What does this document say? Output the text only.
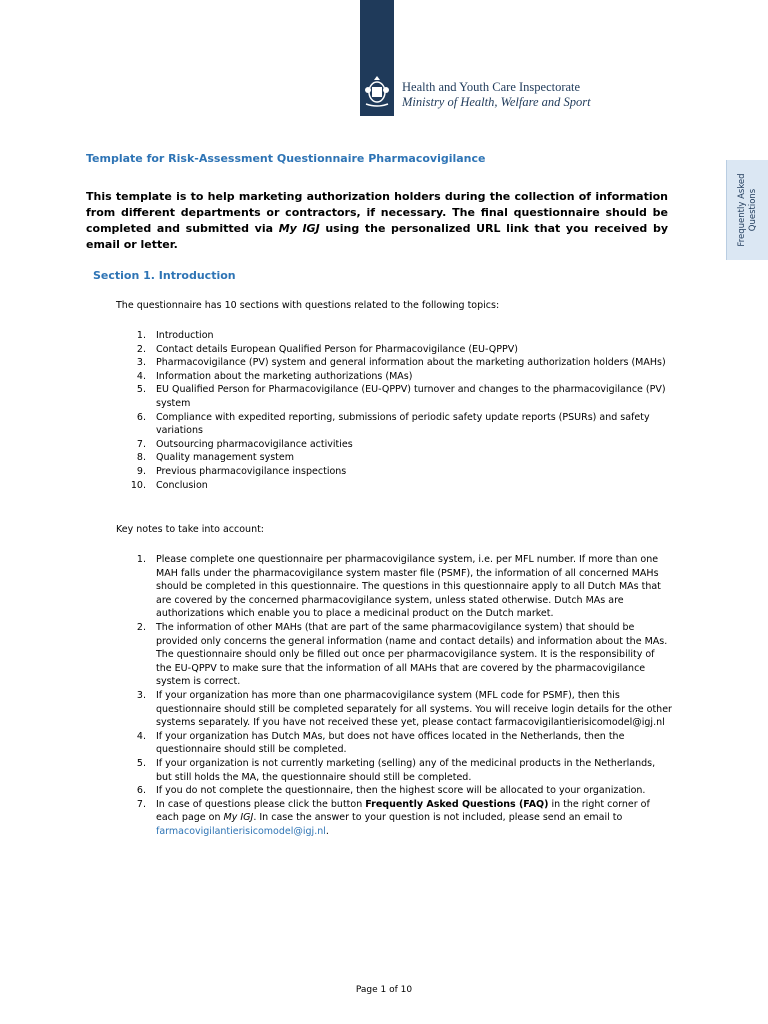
Health and Youth Care Inspectorate
Ministry of Health, Welfare and Sport
Frequently Asked Questions
Template for Risk-Assessment Questionnaire Pharmacovigilance
This template is to help marketing authorization holders during the collection of information from different departments or contractors, if necessary. The final questionnaire should be completed and submitted via My IGJ using the personalized URL link that you received by email or letter.
Section 1. Introduction
The questionnaire has 10 sections with questions related to the following topics:
1.	Introduction
2.	Contact details European Qualified Person for Pharmacovigilance (EU-QPPV)
3.	Pharmacovigilance (PV) system and general information about the marketing authorization holders (MAHs)
4.	Information about the marketing authorizations (MAs)
5.	EU Qualified Person for Pharmacovigilance (EU-QPPV) turnover and changes to the pharmacovigilance (PV) system
6.	Compliance with expedited reporting, submissions of periodic safety update reports (PSURs) and safety variations
7.	Outsourcing pharmacovigilance activities
8.	Quality management system
9.	Previous pharmacovigilance inspections
10.	Conclusion
Key notes to take into account:
1.	Please complete one questionnaire per pharmacovigilance system, i.e. per MFL number. If more than one MAH falls under the pharmacovigilance system master file (PSMF), the information of all concerned MAHs should be completed in this questionnaire. The questions in this questionnaire apply to all Dutch MAs that are covered by the concerned pharmacovigilance system, unless stated otherwise. Dutch MAs are authorizations which enable you to place a medicinal product on the Dutch market.
2.	The information of other MAHs (that are part of the same pharmacovigilance system) that should be provided only concerns the general information (name and contact details) and information about the MAs. The questionnaire should only be filled out once per pharmacovigilance system. It is the responsibility of the EU-QPPV to make sure that the information of all MAHs that are covered by the pharmacovigilance system is correct.
3.	If your organization has more than one pharmacovigilance system (MFL code for PSMF), then this questionnaire should still be completed separately for all systems. You will receive login details for the other systems separately. If you have not received these yet, please contact farmacovigilantierisicomodel@igj.nl
4.	If your organization has Dutch MAs, but does not have offices located in the Netherlands, then the questionnaire should still be completed.
5.	If your organization is not currently marketing (selling) any of the medicinal products in the Netherlands, but still holds the MA, the questionnaire should still be completed.
6.	If you do not complete the questionnaire, then the highest score will be allocated to your organization.
7.	In case of questions please click the button Frequently Asked Questions (FAQ) in the right corner of each page on My IGJ. In case the answer to your question is not included, please send an email to farmacovigilantierisicomodel@igj.nl.
Page 1 of 10
